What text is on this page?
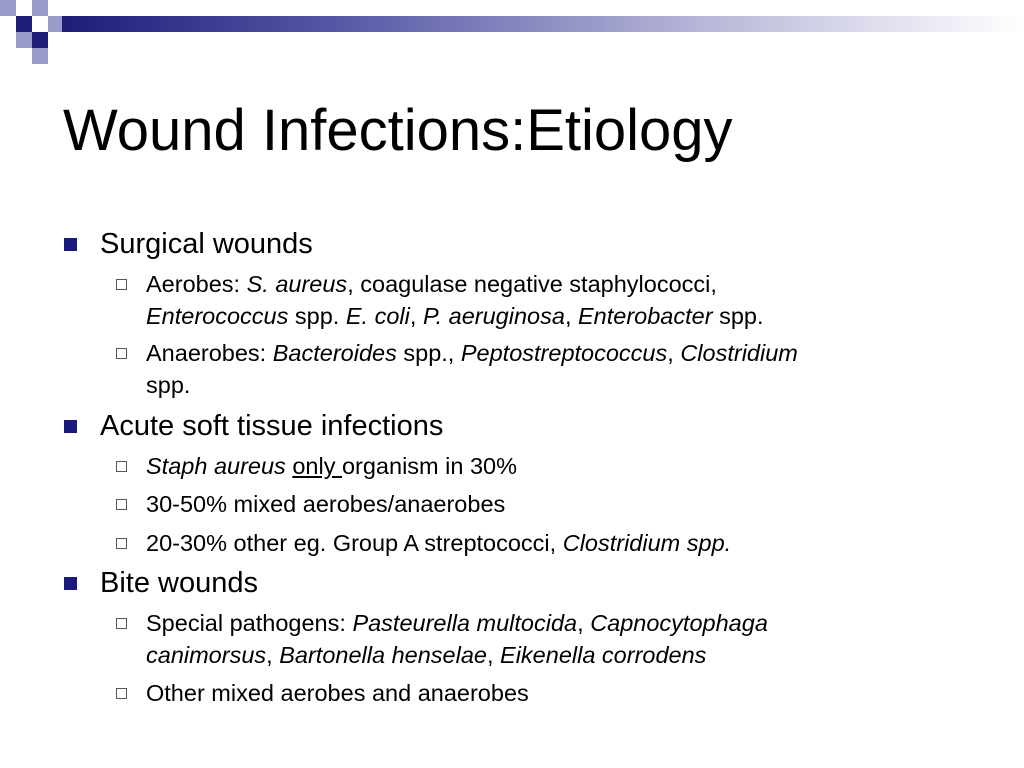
Wound Infections:Etiology
Surgical wounds
Aerobes: S. aureus, coagulase negative staphylococci,
Enterococcus spp. E. coli, P. aeruginosa, Enterobacter spp.
Anaerobes: Bacteroides spp., Peptostreptococcus, Clostridium
spp.
Acute soft tissue infections
Staph aureus only organism in 30%
30-50% mixed aerobes/anaerobes
20-30% other eg. Group A streptococci, Clostridium spp.
Bite wounds
Special pathogens: Pasteurella multocida, Capnocytophaga
canimorsus, Bartonella henselae, Eikenella corrodens
Other mixed aerobes and anaerobes
